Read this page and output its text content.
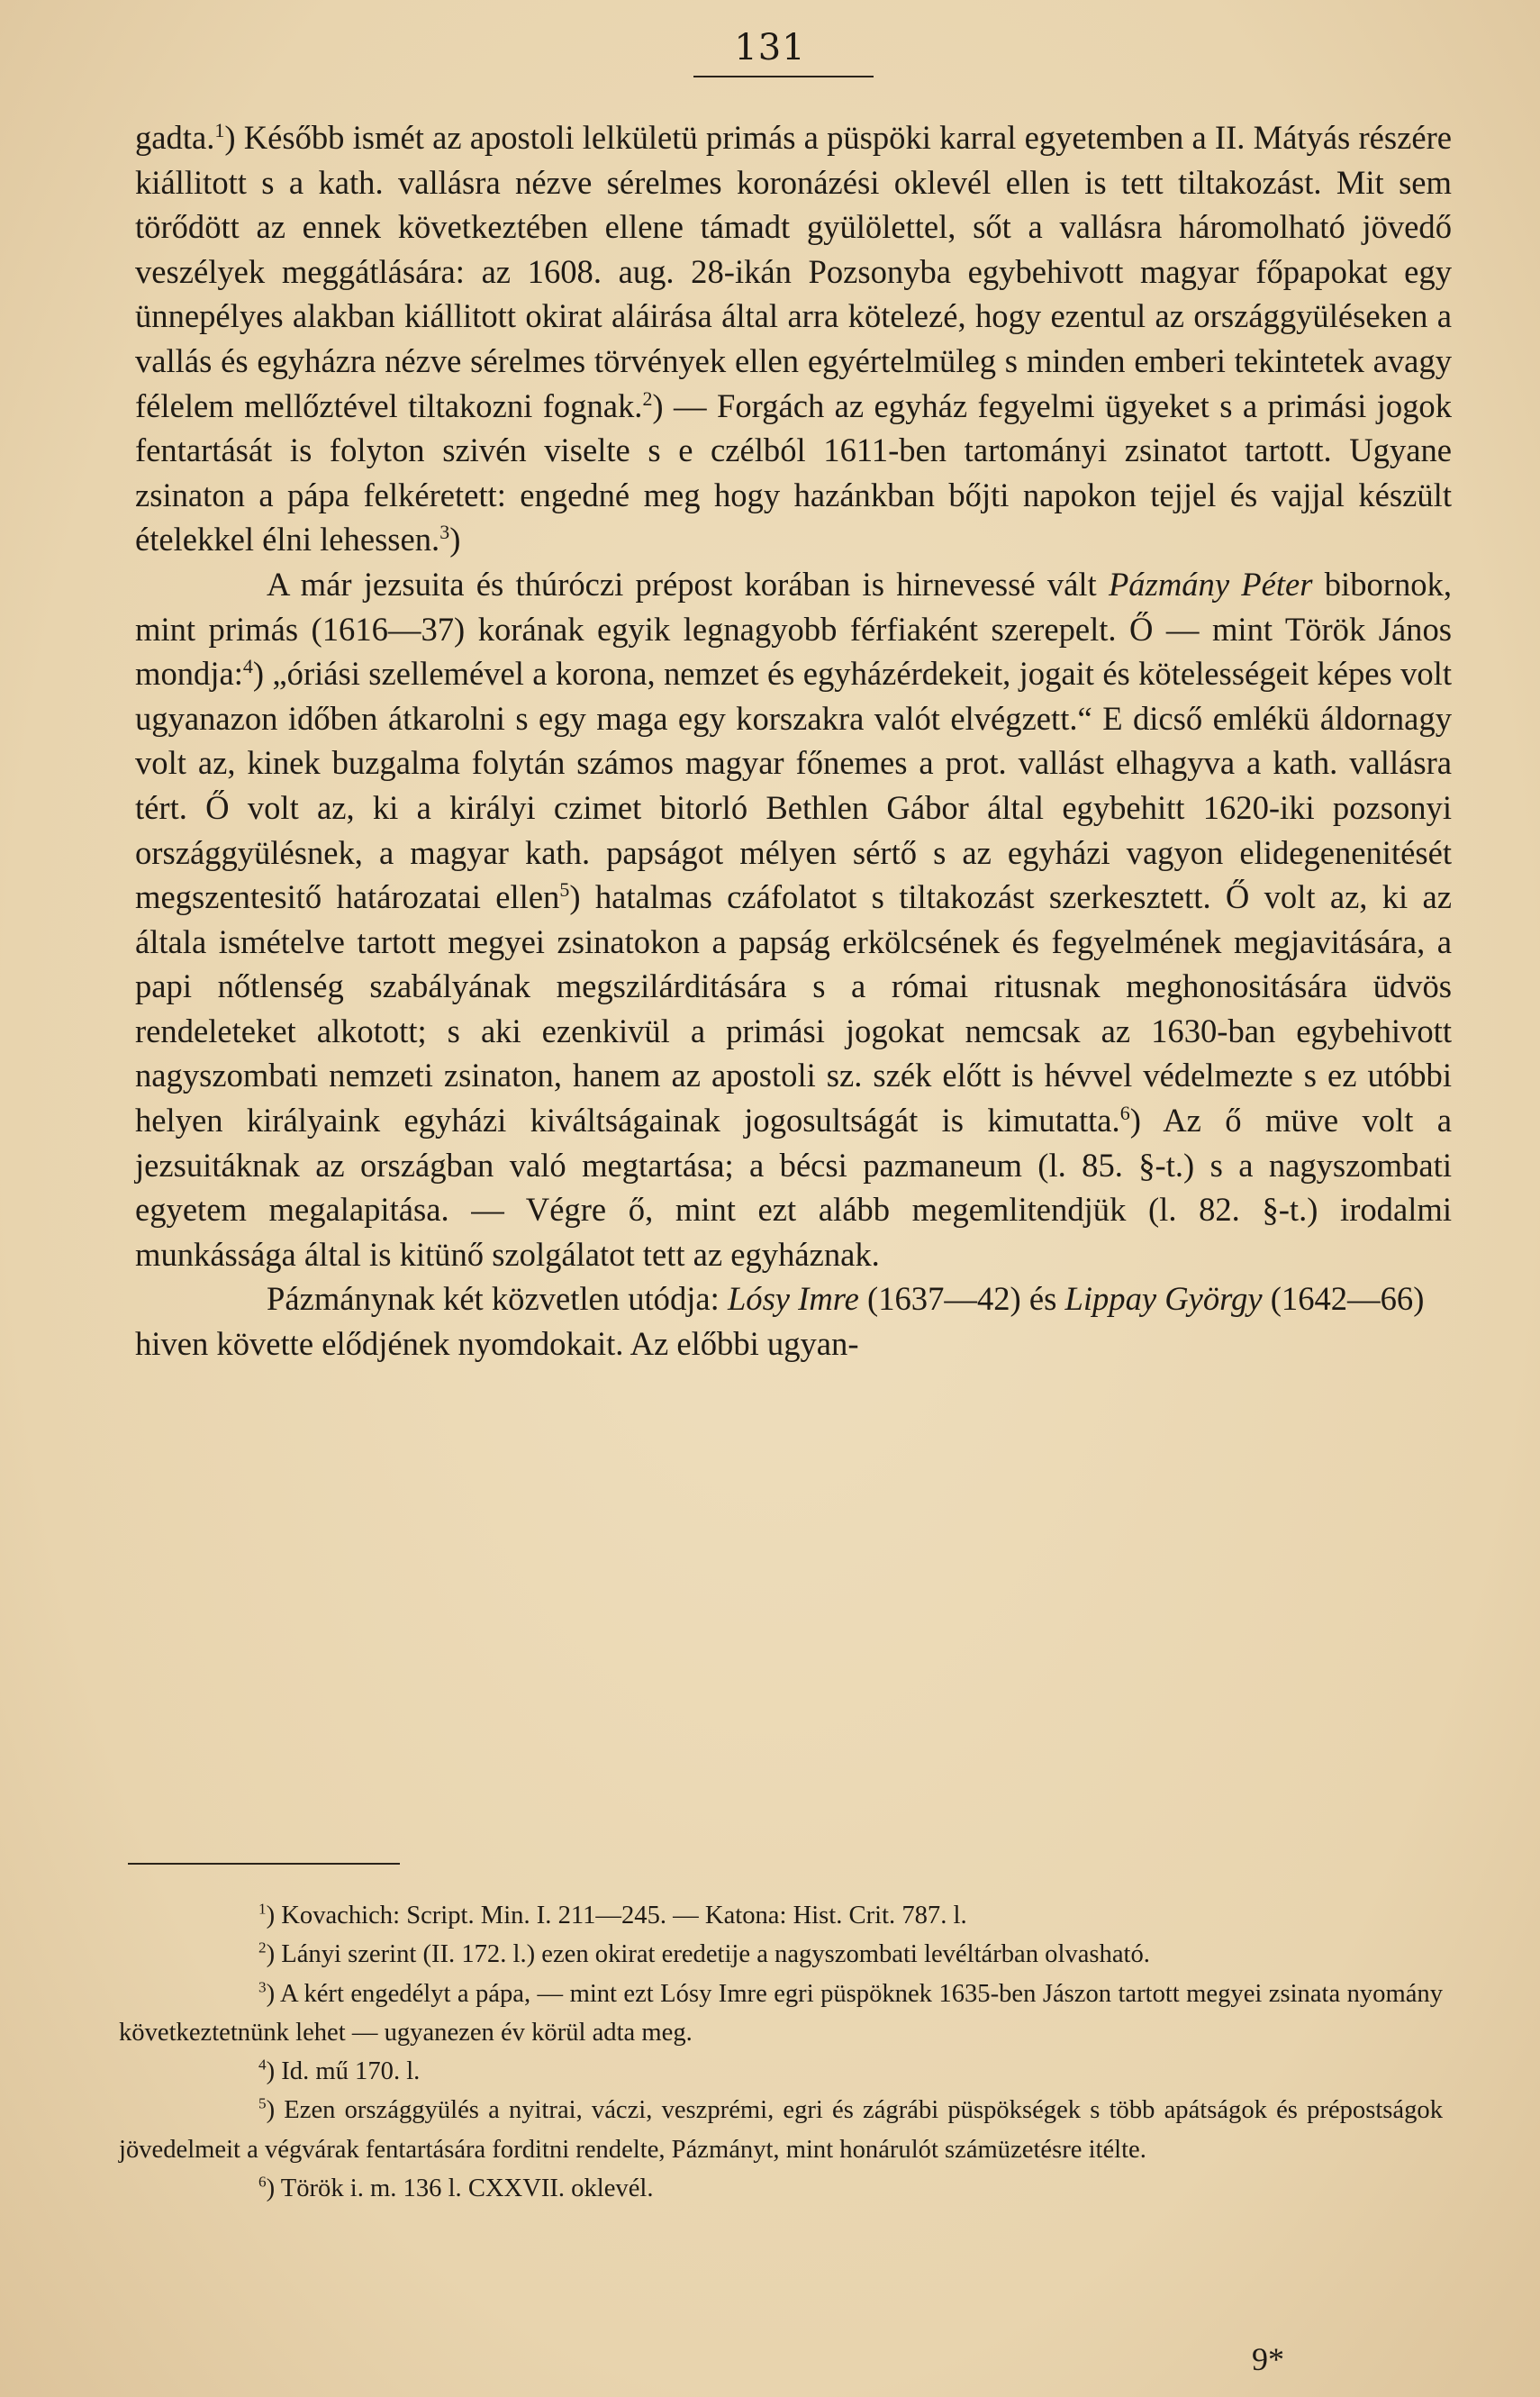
131

gadta.$^1$) Később ismét az apostoli lelkületü primás a püspöki karral egyetemben a II. Mátyás részére kiállitott s a kath. vallásra nézve sérelmes koronázési oklevél ellen is tett tiltakozást. Mit sem törődött az ennek következtében ellene támadt gyülölettel, sőt a vallásra háromolható jövedő veszélyek meggátlására: az 1608. aug. 28-ikán Pozsonyba egybehivott magyar főpapokat egy ünnepélyes alakban kiállitott okirat aláirása által arra kötelezé, hogy ezentul az országgyüléseken a vallás és egyházra nézve sérelmes törvények ellen egyértelmüleg s minden emberi tekintetek avagy félelem mellőztével tiltakozni fognak.$^2$) — Forgách az egyház fegyelmi ügyeket s a primási jogok fentartását is folyton szivén viselte s e czélból 1611-ben tartományi zsinatot tartott. Ugyane zsinaton a pápa felkéretett: engedné meg hogy hazánkban bőjti napokon tejjel és vajjal készült ételekkel élni lehessen.$^3$)

A már jezsuita és thúróczi prépost korában is hirnevessé vált Pázmány Péter bibornok, mint primás (1616—37) korának egyik legnagyobb férfiaként szerepelt. Ő — mint Török János mondja:$^4$) „óriási szellemével a korona, nemzet és egyházérdekeit, jogait és kötelességeit képes volt ugyanazon időben átkarolni s egy maga egy korszakra valót elvégzett.“ E dicső emlékü áldornagy volt az, kinek buzgalma folytán számos magyar főnemes a prot. vallást elhagyva a kath. vallásra tért. Ő volt az, ki a királyi czimet bitorló Bethlen Gábor által egybehitt 1620-iki pozsonyi országgyülésnek, a magyar kath. papságot mélyen sértő s az egyházi vagyon elidegenenitését megszentesitő határozatai ellen$^5$) hatalmas czáfolatot s tiltakozást szerkesztett. Ő volt az, ki az általa ismételve tartott megyei zsinatokon a papság erkölcsének és fegyelmének megjavitására, a papi nőtlenség szabályának megszilárditására s a római ritusnak meghonositására üdvös rendeleteket alkotott; s aki ezenkivül a primási jogokat nemcsak az 1630-ban egybehivott nagyszombati nemzeti zsinaton, hanem az apostoli sz. szék előtt is hévvel védelmezte s ez utóbbi helyen királyaink egyházi kiváltságainak jogosultságát is kimutatta.$^6$) Az ő müve volt a jezsuitáknak az országban való megtartása; a bécsi pazmaneum (l. 85. §-t.) s a nagyszombati egyetem megalapitása. — Végre ő, mint ezt alább megemlitendjük (l. 82. §-t.) irodalmi munkássága által is kitünő szolgálatot tett az egyháznak.

Pázmánynak két közvetlen utódja: Lósy Imre (1637—42) és Lippay György (1642—66) hiven követte elődjének nyomdokait. Az előbbi ugyan-

$^1$) Kovachich: Script. Min. I. 211—245. — Katona: Hist. Crit. 787. l.

$^2$) Lányi szerint (II. 172. l.) ezen okirat eredetije a nagyszombati levéltárban olvasható.

$^3$) A kért engedélyt a pápa, — mint ezt Lósy Imre egri püspöknek 1635-ben Jászon tartott megyei zsinata nyomány következtetnünk lehet — ugyanezen év körül adta meg.

$^4$) Id. mű 170. l.

$^5$) Ezen országgyülés a nyitrai, váczi, veszprémi, egri és zágrábi püspökségek s több apátságok és prépostságok jövedelmeit a végvárak fentartására forditni rendelte, Pázmányt, mint honárulót számüzetésre itélte.

$^6$) Török i. m. 136 l. CXXVII. oklevél.

9*
